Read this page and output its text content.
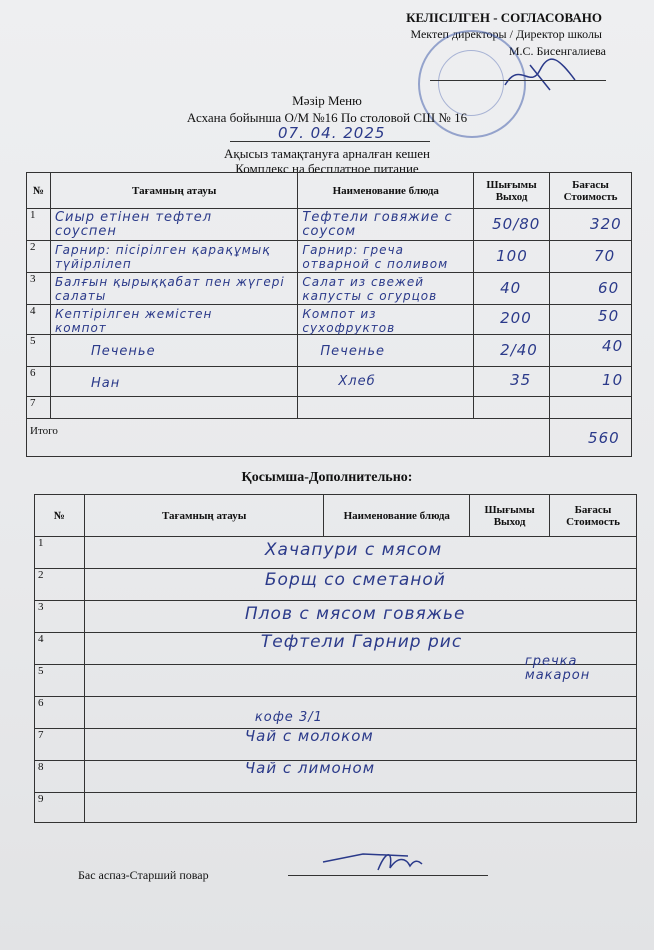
КЕЛІСІЛГЕН - СОГЛАСОВАНО
Мектеп директоры / Директор школы
М.С. Бисенгалиева
Мәзір Меню
Асхана бойынша О/М №16 По столовой СШ № 16
07. 04. 2025
Ақысыз тамақтануға арналған кешен
Комплекс на бесплатное питание
№	Тағамның атауы	Наименование блюда	Шығымы Выход	Бағасы Стоимость
1	Сиыр етінен тефтел соуспен	Тефтели говяжие с соусом	50/80	320

2	Гарнир: пісірілген қарақұмық түйірлілеп	Гарнир: греча отварной с поливом	100	70

3	Балғын қырыққабат пен жүгері салаты	Салат из свежей капусты с огурцов	40	60

4	Кептірілген жемістен компот	Компот из сухофруктов	200	50

5	Печенье	Печенье	2/40	40

6	Нан	Хлеб	35	10

7				

Итого				560
Қосымша-Дополнительно:
№	Тағамның атауы	Наименование блюда	Шығымы Выход	Бағасы Стоимость
1	Хачапури с мясом			

2	Борщ со сметаной			

3	Плов с мясом говяжье			

4	Тефтели Гарнир рис			

5	гречка макарон			

6	кофе 3/1			

7	Чай с молоком			

8	Чай с лимоном			

9				
Бас аспаз-Старший повар
